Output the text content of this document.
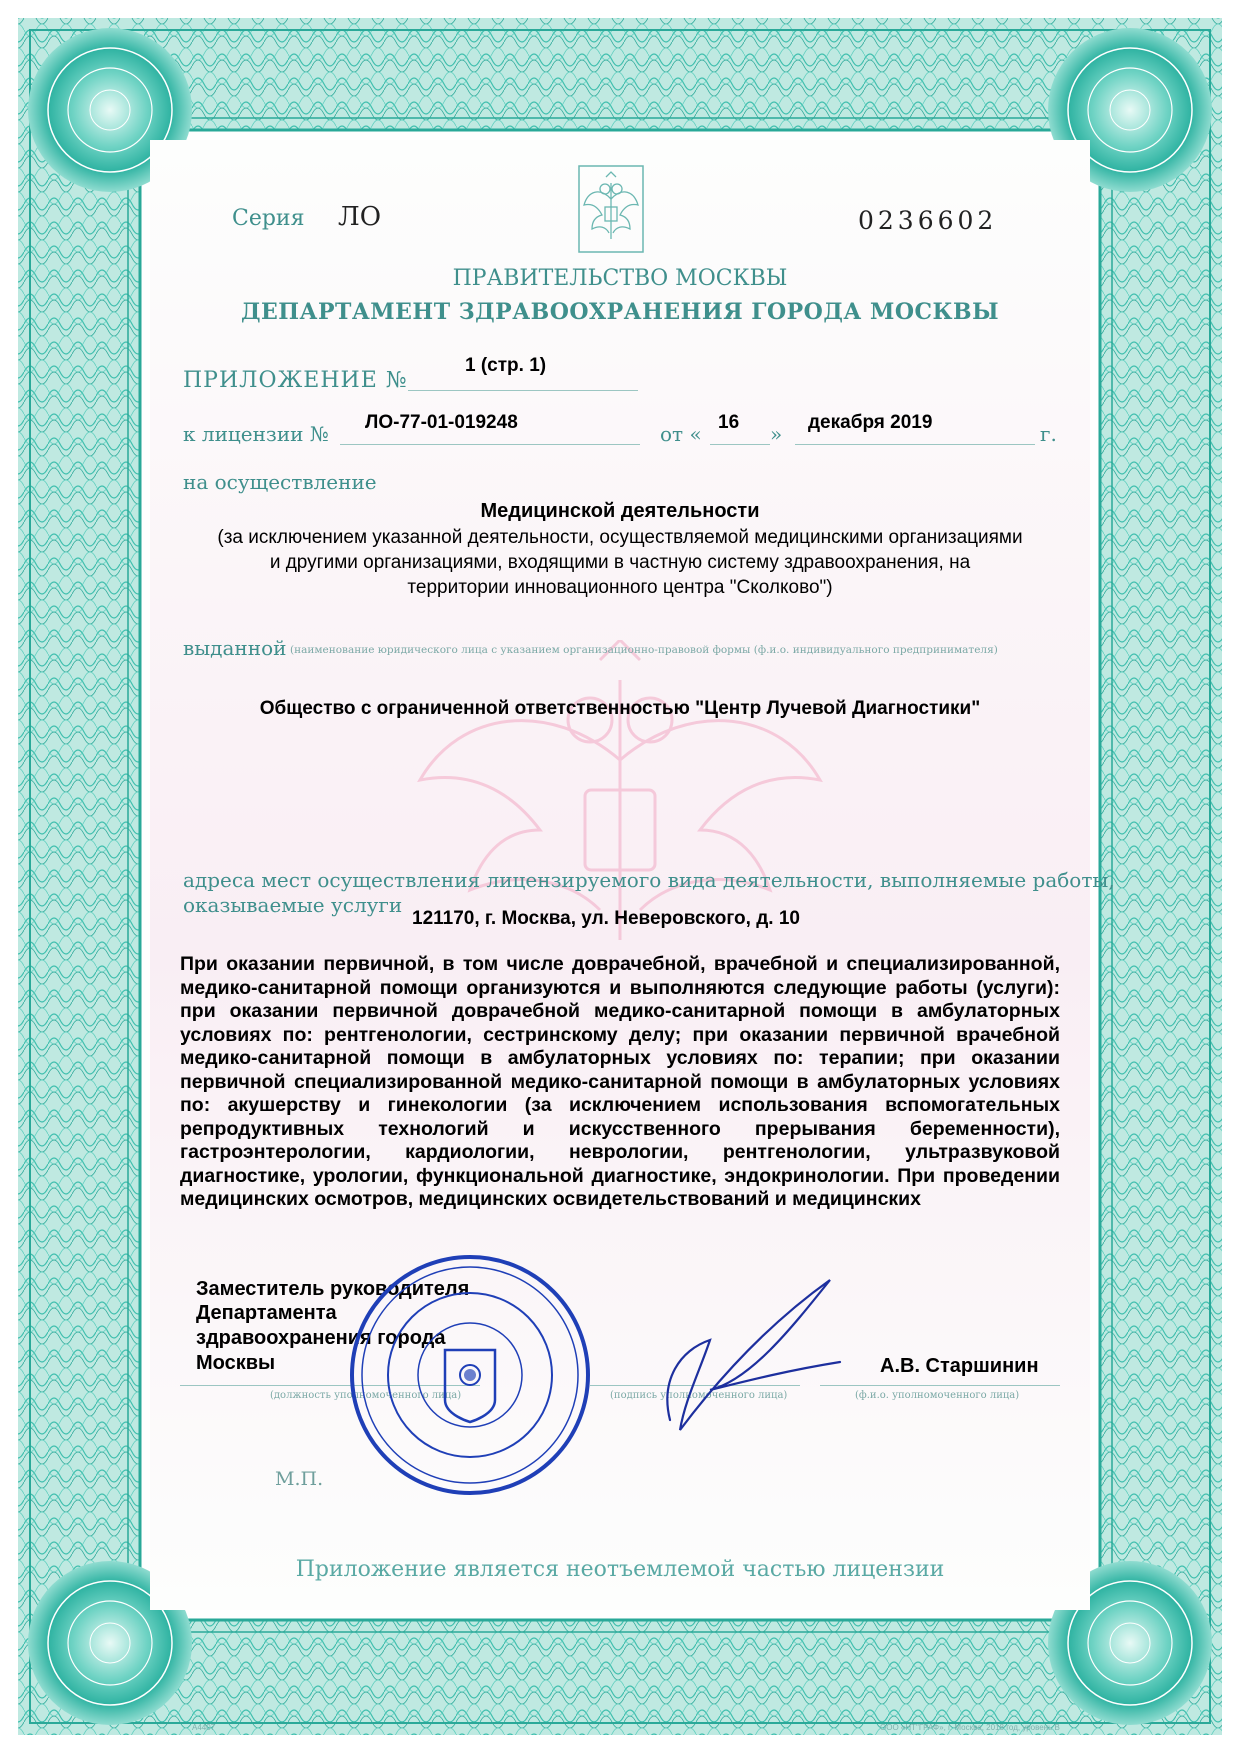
Серия ЛО	0236602
ПРАВИТЕЛЬСТВО МОСКВЫ
ДЕПАРТАМЕНТ ЗДРАВООХРАНЕНИЯ ГОРОДА МОСКВЫ
ПРИЛОЖЕНИЕ №
1 (стр. 1)
к лицензии № ЛО-77-01-019248	от « 16 » декабря 2019	г.
на осуществление
Медицинской деятельности
(за исключением указанной деятельности, осуществляемой медицинскими организациями
и другими организациями, входящими в частную систему здравоохранения, на
территории инновационного центра "Сколково")
выданной (наименование юридического лица с указанием организационно-правовой формы (ф.и.о. индивидуального предпринимателя)
Общество с ограниченной ответственностью "Центр Лучевой Диагностики"
адреса мест осуществления лицензируемого вида деятельности, выполняемые работы,
оказываемые услуги
121170, г. Москва, ул. Неверовского, д. 10
При оказании первичной, в том числе доврачебной, врачебной и специализированной, медико-санитарной помощи организуются и выполняются следующие работы (услуги): при оказании первичной доврачебной медико-санитарной помощи в амбулаторных условиях по: рентгенологии, сестринскому делу; при оказании первичной врачебной медико-санитарной помощи в амбулаторных условиях по: терапии; при оказании первичной специализированной медико-санитарной помощи в амбулаторных условиях по: акушерству и гинекологии (за исключением использования вспомогательных репродуктивных технологий и искусственного прерывания беременности), гастроэнтерологии, кардиологии, неврологии, рентгенологии, ультразвуковой диагностике, урологии, функциональной диагностике, эндокринологии. При проведении медицинских осмотров, медицинских освидетельствований и медицинских
Заместитель руководителя
Департамента
здравоохранения города
Москвы	А.В. Старшинин
(должность уполномоченного лица)	(подпись уполномоченного лица)	(ф.и.о. уполномоченного лица)
М.П.
Приложение является неотъемлемой частью лицензии
А4407	ООО «НТ"ГРАФ», г. Москва, 2018 год, уровень В
